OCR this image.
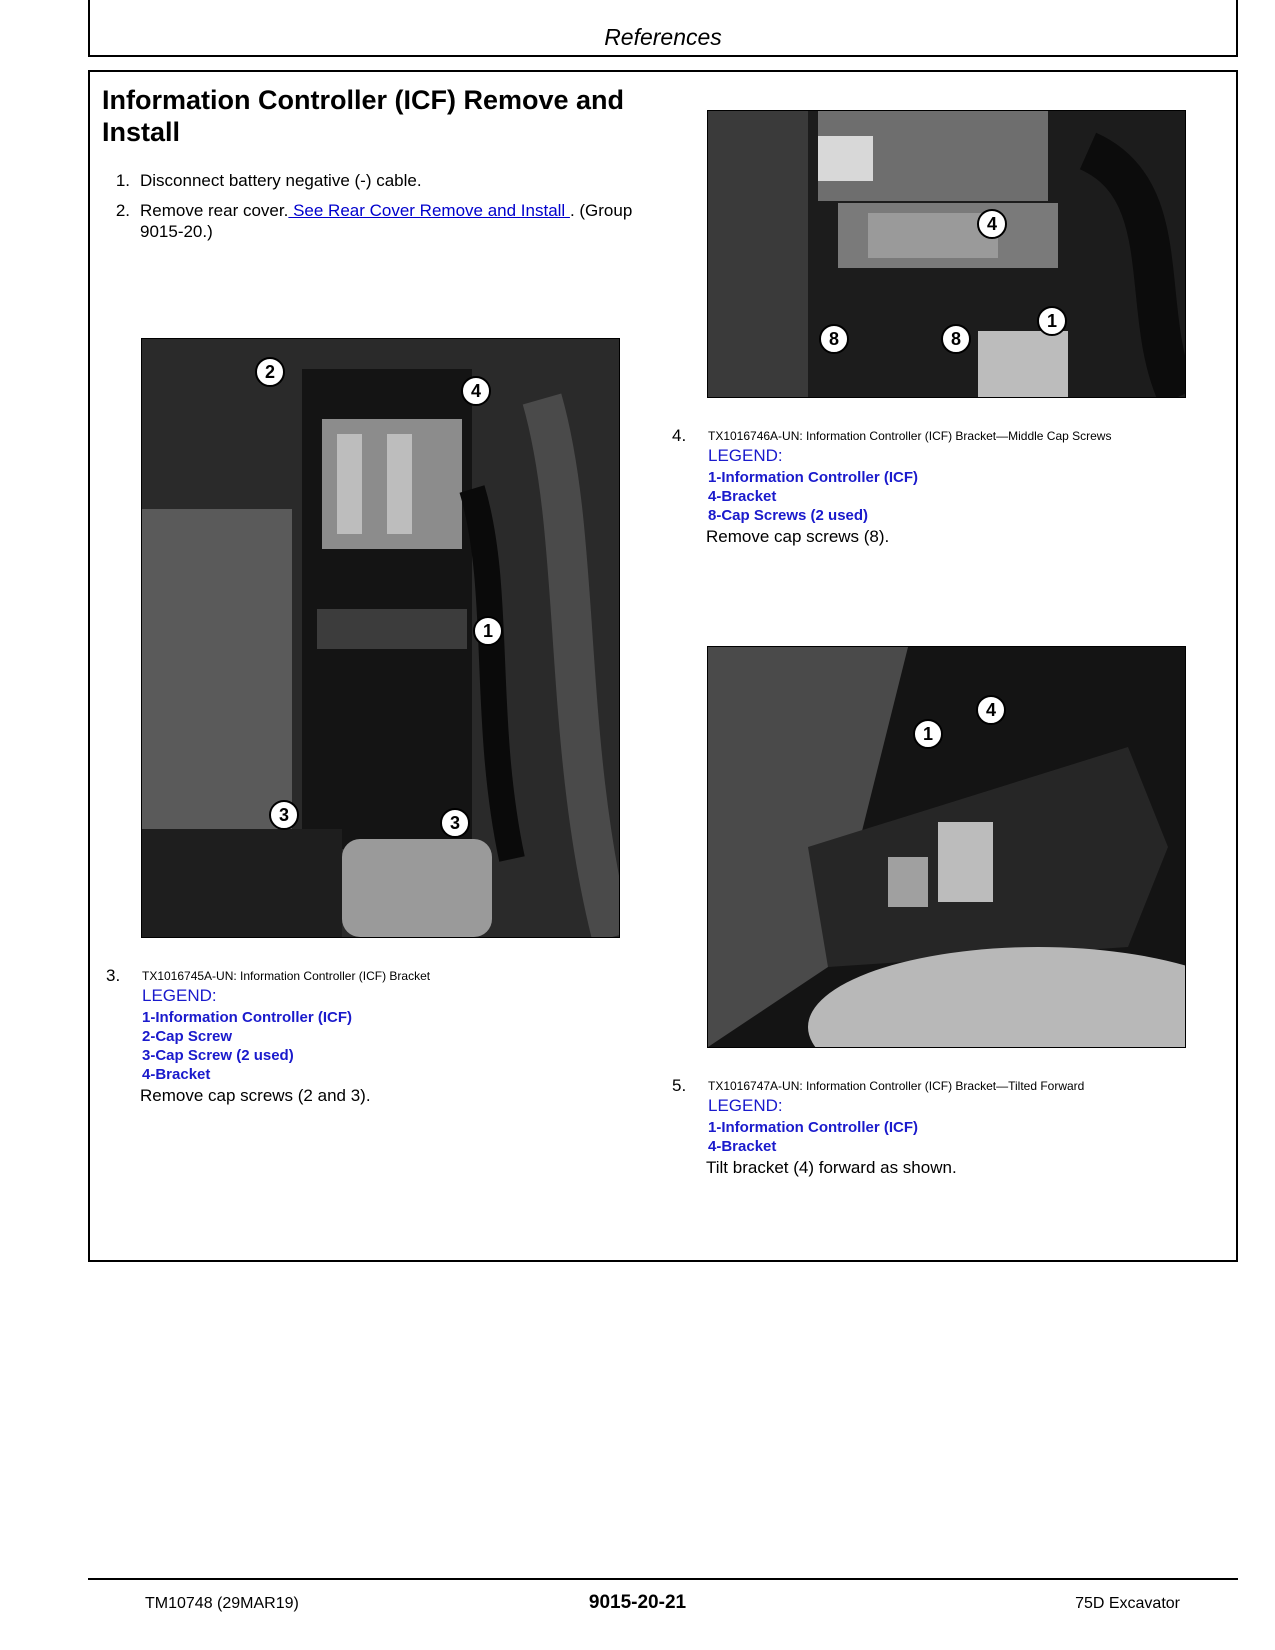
References
Information Controller (ICF) Remove and Install
1. Disconnect battery negative (-) cable.
2. Remove rear cover. See Rear Cover Remove and Install . (Group 9015-20.)
2
4
1
3	3
4
1
8	8
1
4
3. TX1016745A-UN: Information Controller (ICF) Bracket
LEGEND:
1-Information Controller (ICF)
2-Cap Screw
3-Cap Screw (2 used)
4-Bracket
Remove cap screws (2 and 3).
4. TX1016746A-UN: Information Controller (ICF) Bracket—Middle Cap Screws
LEGEND:
1-Information Controller (ICF)
4-Bracket
8-Cap Screws (2 used)
Remove cap screws (8).
5. TX1016747A-UN: Information Controller (ICF) Bracket—Tilted Forward
LEGEND:
1-Information Controller (ICF)
4-Bracket
Tilt bracket (4) forward as shown.
TM10748 (29MAR19)	9015-20-21	75D Excavator
